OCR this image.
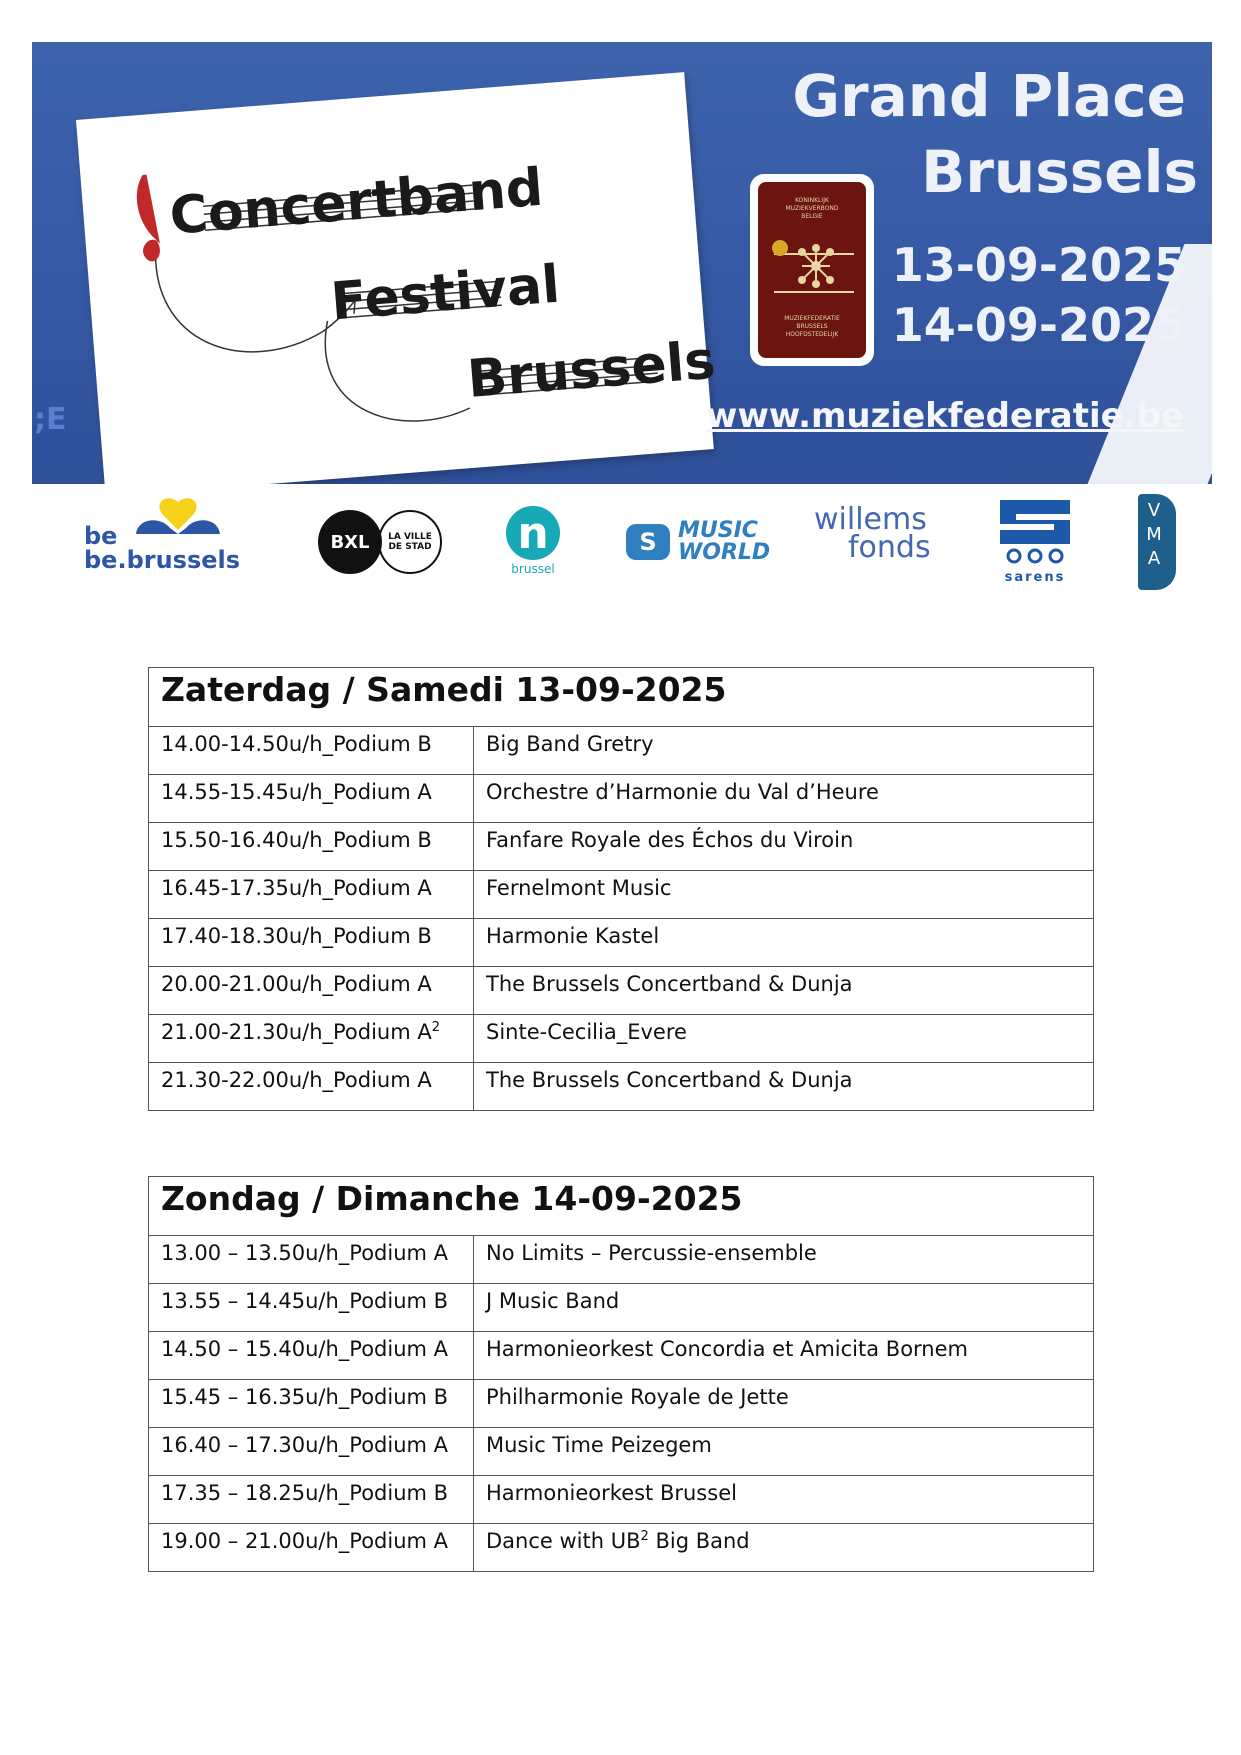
;E
Concertband
Festival
Brussels
KONINKLIJK
MUZIEKVERBOND
BELGIE
MUZIEKFEDERATIE
BRUSSELS
HOOFDSTEDELIJK
Grand Place
Brussels
13-09-2025
14-09-2025
www.muziekfederatie.be
be
be.brussels
BXL	LA VILLE DE STAD n
brussel
S MUSIC
WORLD
willems
fonds
sarens
V
M
A
Zaterdag / Samedi 13-09-2025	
14.00-14.50u/h_Podium B	Big Band Gretry
14.55-15.45u/h_Podium A	Orchestre d’Harmonie du Val d’Heure
15.50-16.40u/h_Podium B	Fanfare Royale des Échos du Viroin
16.45-17.35u/h_Podium A	Fernelmont Music
17.40-18.30u/h_Podium B	Harmonie Kastel
20.00-21.00u/h_Podium A	The Brussels Concertband & Dunja
21.00-21.30u/h_Podium $A^2$	Sinte-Cecilia_Evere
21.30-22.00u/h_Podium A	The Brussels Concertband & Dunja
Zondag / Dimanche 14-09-2025	
13.00 – 13.50u/h_Podium A	No Limits – Percussie-ensemble
13.55 – 14.45u/h_Podium B	J Music Band
14.50 – 15.40u/h_Podium A	Harmonieorkest Concordia et Amicita Bornem
15.45 – 16.35u/h_Podium B	Philharmonie Royale de Jette
16.40 – 17.30u/h_Podium A	Music Time Peizegem
17.35 – 18.25u/h_Podium B	Harmonieorkest Brussel
19.00 – 21.00u/h_Podium A	Dance with $UB^2$ Big Band
